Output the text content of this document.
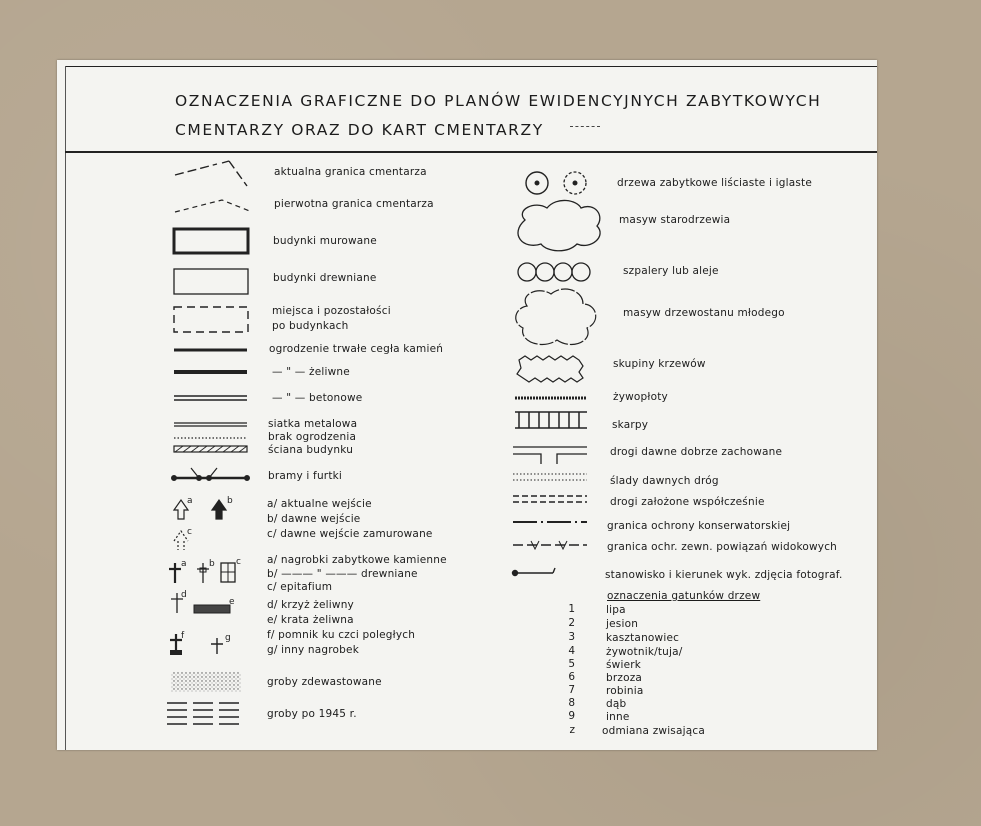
OZNACZENIA GRAFICZNE DO PLANÓW EWIDENCYJNYCH ZABYTKOWYCH
CMENTARZY ORAZ DO KART CMENTARZY
a	b
c
a b c
d
e
f	g
aktualna granica cmentarza
pierwotna granica cmentarza
budynki murowane
budynki drewniane
miejsca i pozostałości
po budynkach
ogrodzenie trwałe cegła kamień
— " — żeliwne
— " — betonowe
siatka metalowa
brak ogrodzenia
ściana budynku
bramy i furtki
a/ aktualne wejście
b/ dawne wejście
c/ dawne wejście zamurowane
a/ nagrobki zabytkowe kamienne
b/ ——— " ——— drewniane
c/ epitafium
d/ krzyż żeliwny
e/ krata żeliwna
f/ pomnik ku czci poległych
g/ inny nagrobek
groby zdewastowane
groby po 1945 r.
drzewa zabytkowe liściaste i iglaste
masyw starodrzewia
szpalery lub aleje
masyw drzewostanu młodego
skupiny krzewów
żywopłoty
skarpy
drogi dawne dobrze zachowane
ślady dawnych dróg
drogi założone współcześnie
granica ochrony konserwatorskiej
granica ochr. zewn. powiązań widokowych
stanowisko i kierunek wyk. zdjęcia fotograf.
oznaczenia gatunków drzew
1	lipa
2	jesion
3	kasztanowiec
4	żywotnik/tuja/
5	świerk
6	brzoza
7	robinia
8	dąb
9	inne
z	odmiana zwisająca
